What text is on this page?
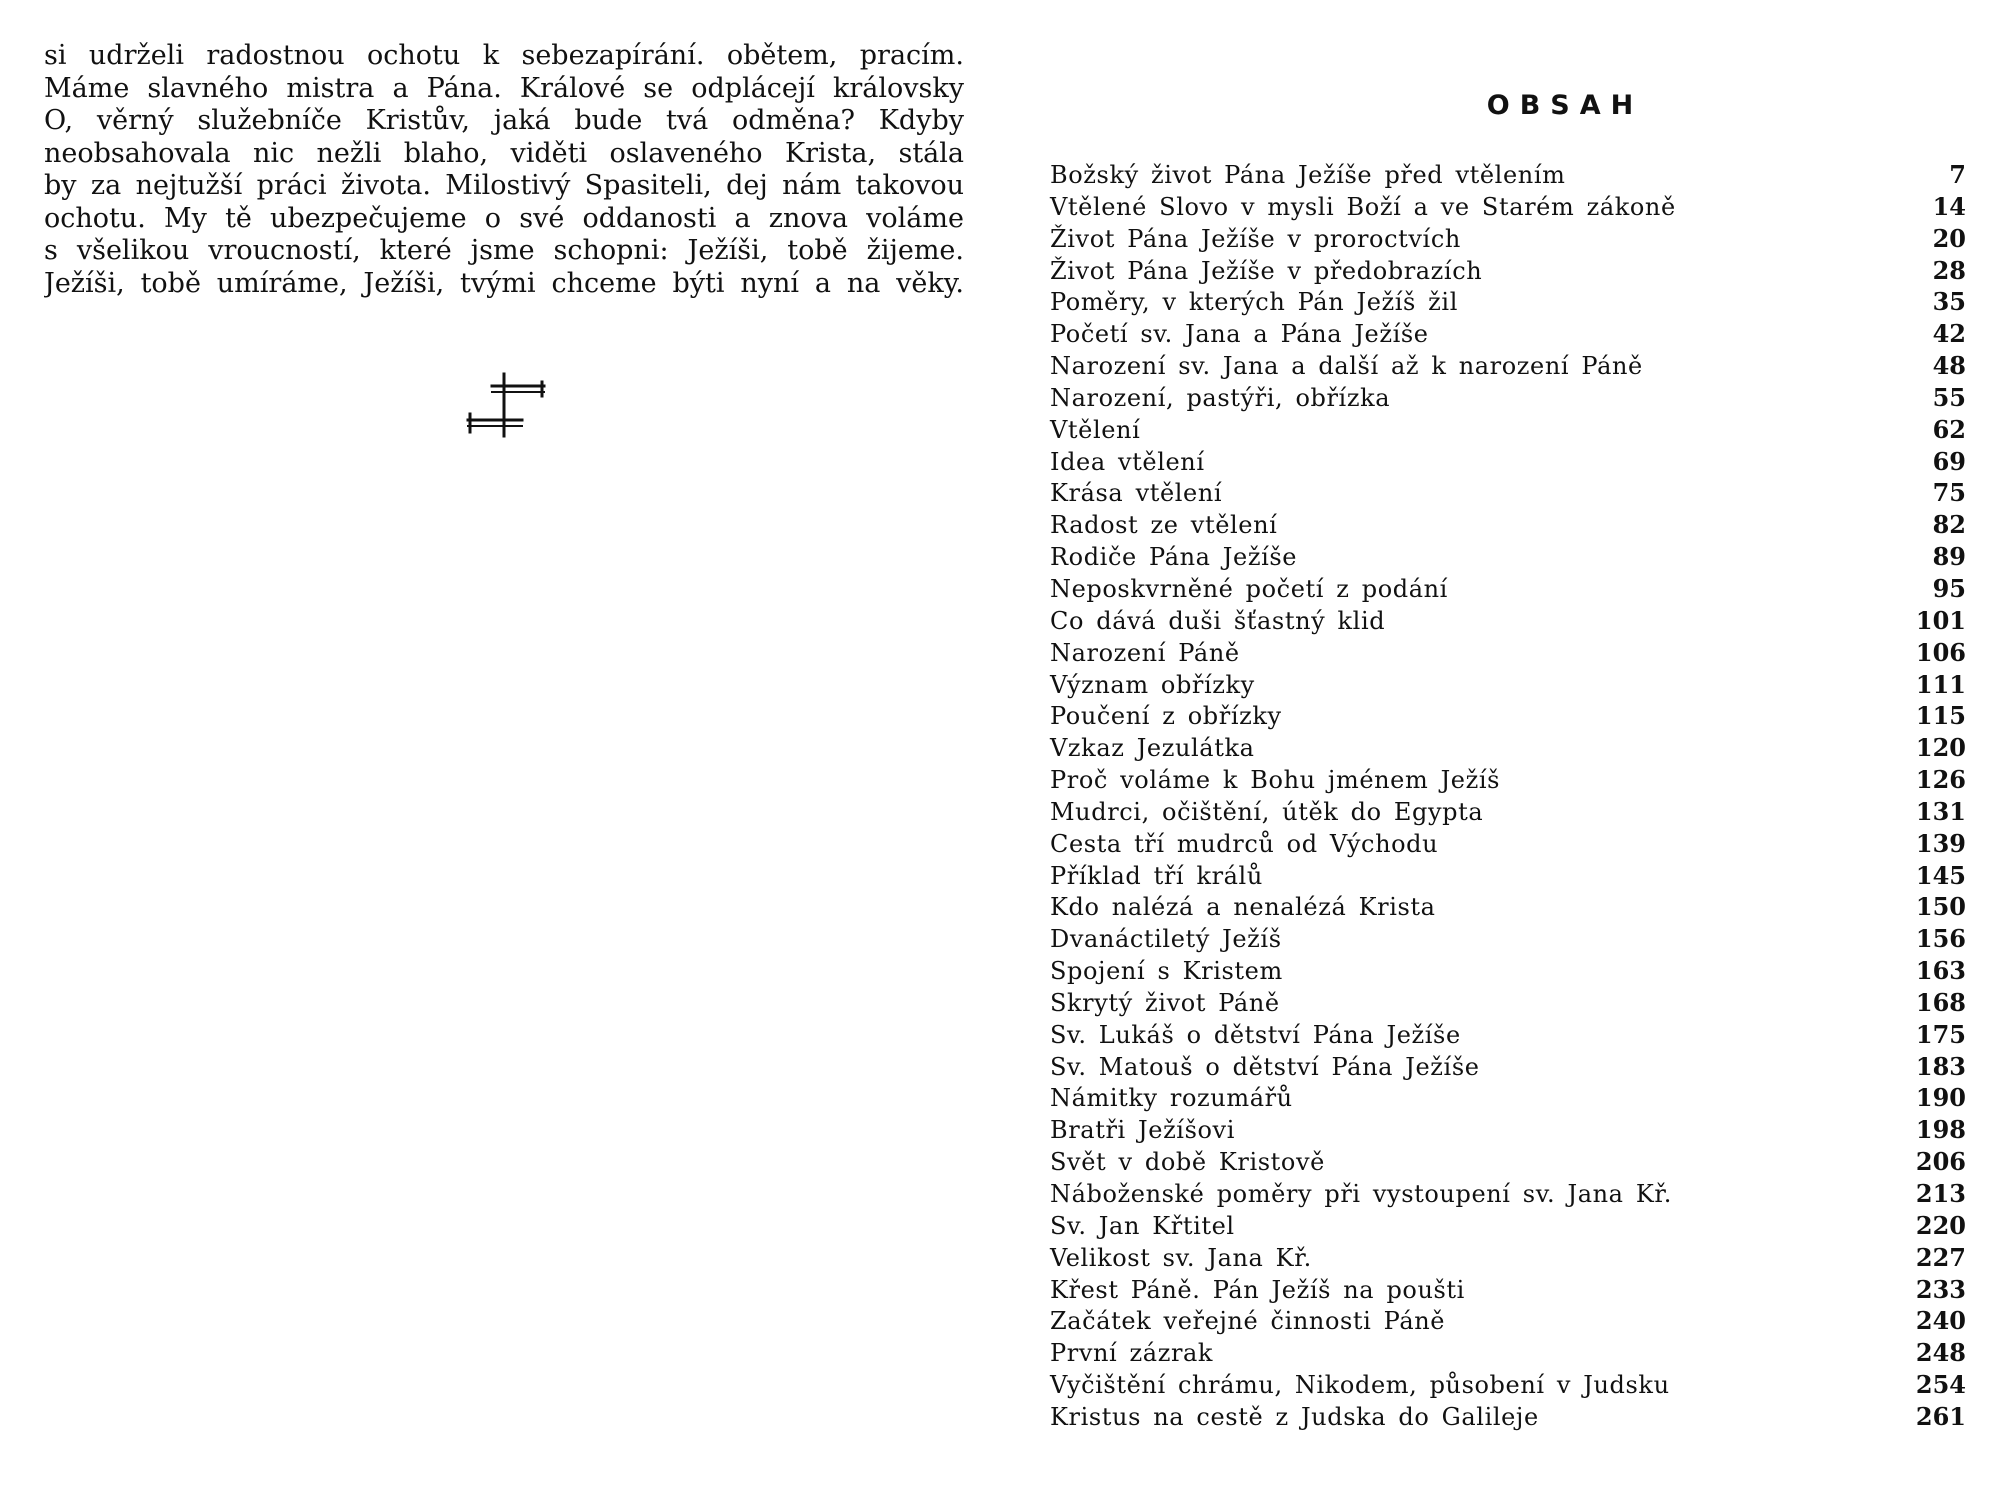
si udrželi radostnou ochotu k sebezapírání. obětem, pracím.
Máme slavného mistra a Pána. Králové se odplácejí královsky
O, věrný služebníče Kristův, jaká bude tvá odměna? Kdyby
neobsahovala nic nežli blaho, viděti oslaveného Krista, stála
by za nejtužší práci života. Milostivý Spasiteli, dej nám takovou
ochotu. My tě ubezpečujeme o své oddanosti a znova voláme
s všelikou vroucností, které jsme schopni: Ježíši, tobě žijeme.
Ježíši, tobě umíráme, Ježíši, tvými chceme býti nyní a na věky.

OBSAH
Božský život Pána Ježíše před vtělením	7
Vtělené Slovo v mysli Boží a ve Starém zákoně	14
Život Pána Ježíše v proroctvích	20
Život Pána Ježíše v předobrazích	28
Poměry, v kterých Pán Ježíš žil	35
Početí sv. Jana a Pána Ježíše	42
Narození sv. Jana a další až k narození Páně	48
Narození, pastýři, obřízka	55
Vtělení	62
Idea vtělení	69
Krása vtělení	75
Radost ze vtělení	82
Rodiče Pána Ježíše	89
Neposkvrněné početí z podání	95
Co dává duši šťastný klid	101
Narození Páně	106
Význam obřízky	111
Poučení z obřízky	115
Vzkaz Jezulátka	120
Proč voláme k Bohu jménem Ježíš	126
Mudrci, očištění, útěk do Egypta	131
Cesta tří mudrců od Východu	139
Příklad tří králů	145
Kdo nalézá a nenalézá Krista	150
Dvanáctiletý Ježíš	156
Spojení s Kristem	163
Skrytý život Páně	168
Sv. Lukáš o dětství Pána Ježíše	175
Sv. Matouš o dětství Pána Ježíše	183
Námitky rozumářů	190
Bratři Ježíšovi	198
Svět v době Kristově	206
Náboženské poměry při vystoupení sv. Jana Kř.	213
Sv. Jan Křtitel	220
Velikost sv. Jana Kř.	227
Křest Páně. Pán Ježíš na poušti	233
Začátek veřejné činnosti Páně	240
První zázrak	248
Vyčištění chrámu, Nikodem, působení v Judsku	254
Kristus na cestě z Judska do Galileje	261
